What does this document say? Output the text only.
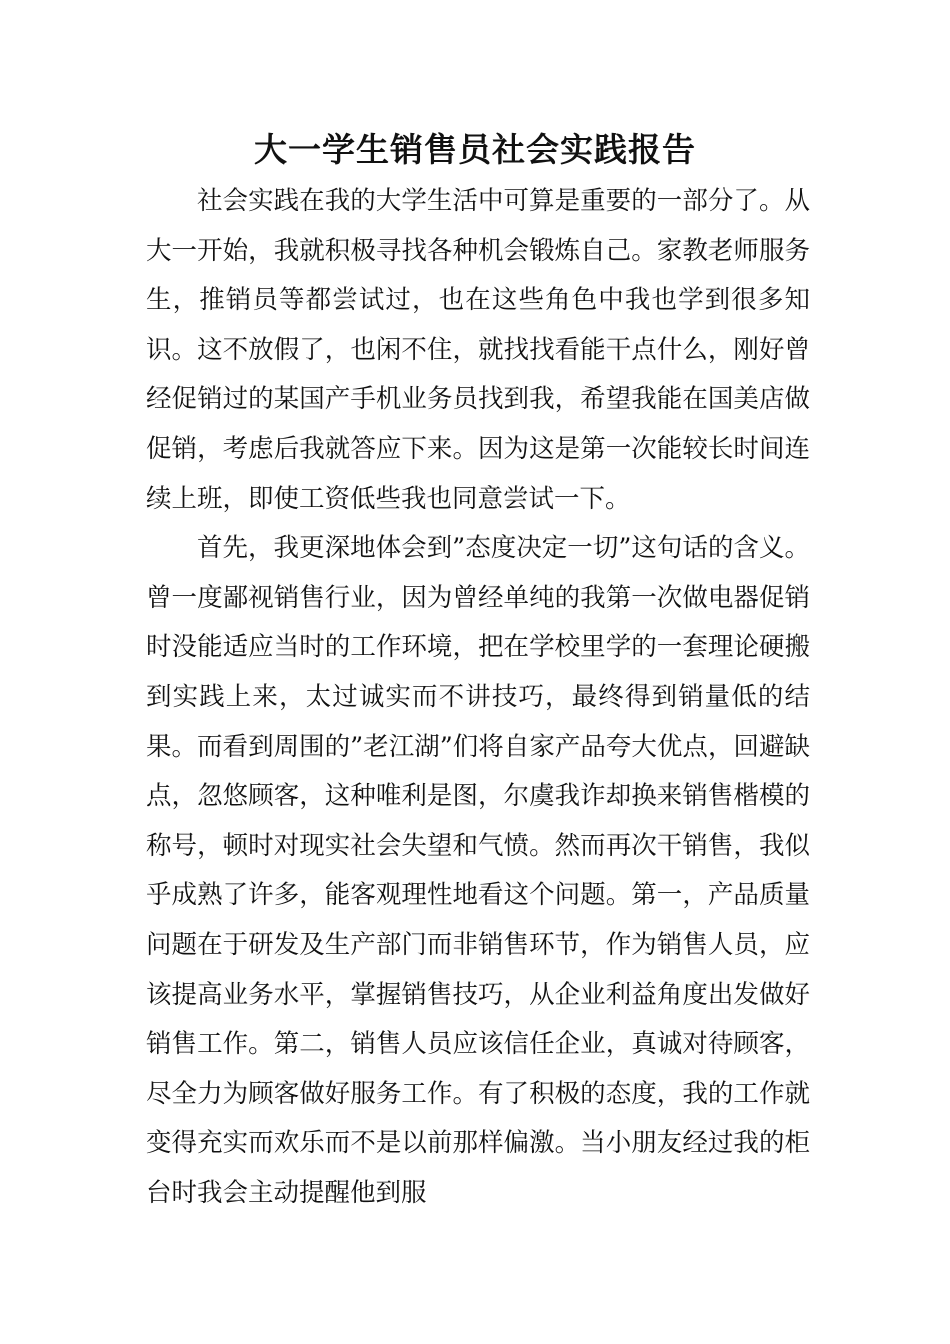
大一学生销售员社会实践报告

社会实践在我的大学生活中可算是重要的一部分了。从大一开始，我就积极寻找各种机会锻炼自己。家教老师服务生，推销员等都尝试过，也在这些角色中我也学到很多知识。这不放假了，也闲不住，就找找看能干点什么，刚好曾经促销过的某国产手机业务员找到我，希望我能在国美店做促销，考虑后我就答应下来。因为这是第一次能较长时间连续上班，即使工资低些我也同意尝试一下。

首先，我更深地体会到”态度决定一切”这句话的含义。曾一度鄙视销售行业，因为曾经单纯的我第一次做电器促销时没能适应当时的工作环境，把在学校里学的一套理论硬搬到实践上来，太过诚实而不讲技巧，最终得到销量低的结果。而看到周围的”老江湖”们将自家产品夸大优点，回避缺点，忽悠顾客，这种唯利是图，尔虞我诈却换来销售楷模的称号，顿时对现实社会失望和气愤。然而再次干销售，我似乎成熟了许多，能客观理性地看这个问题。第一，产品质量问题在于研发及生产部门而非销售环节，作为销售人员，应该提高业务水平，掌握销售技巧，从企业利益角度出发做好销售工作。第二，销售人员应该信任企业，真诚对待顾客，尽全力为顾客做好服务工作。有了积极的态度，我的工作就变得充实而欢乐而不是以前那样偏激。当小朋友经过我的柜台时我会主动提醒他到服
